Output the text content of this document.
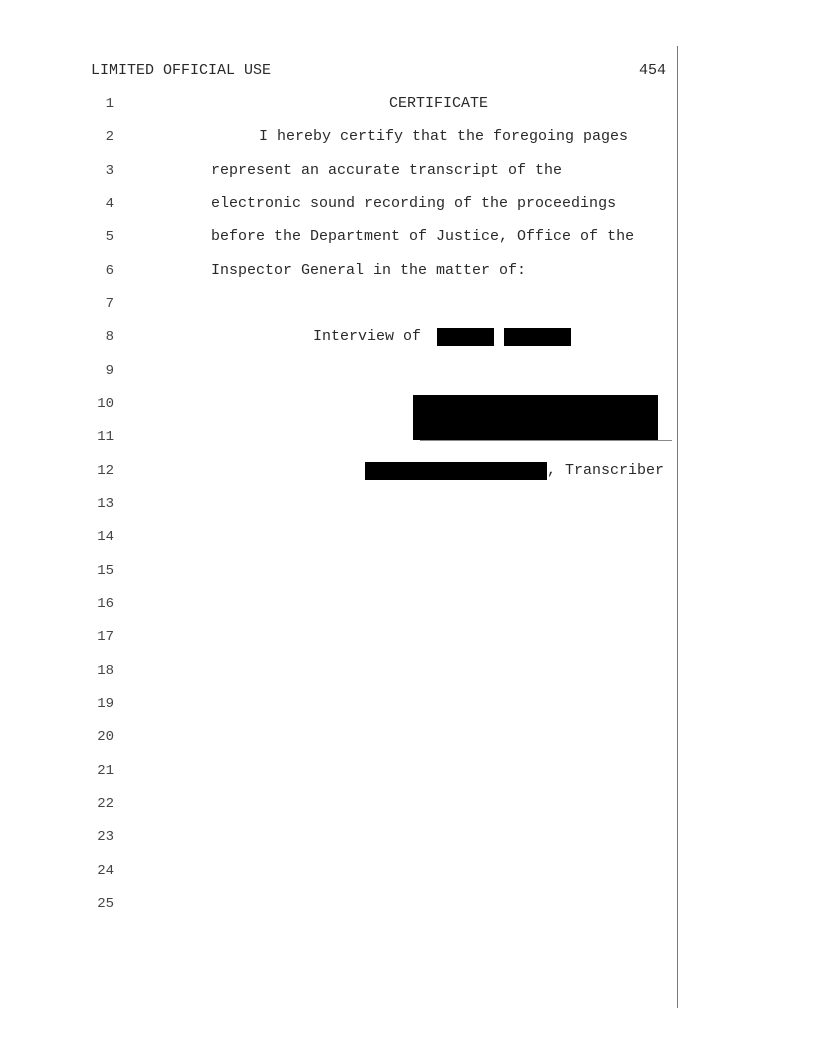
LIMITED OFFICIAL USE	454
1
2
3
4
5
6
7
8
9
10
11
12
13
14
15
16
17
18
19
20
21
22
23
24
25
CERTIFICATE
I hereby certify that the foregoing pages
represent an accurate transcript of the
electronic sound recording of the proceedings
before the Department of Justice, Office of the
Inspector General in the matter of:
Interview of
, Transcriber
